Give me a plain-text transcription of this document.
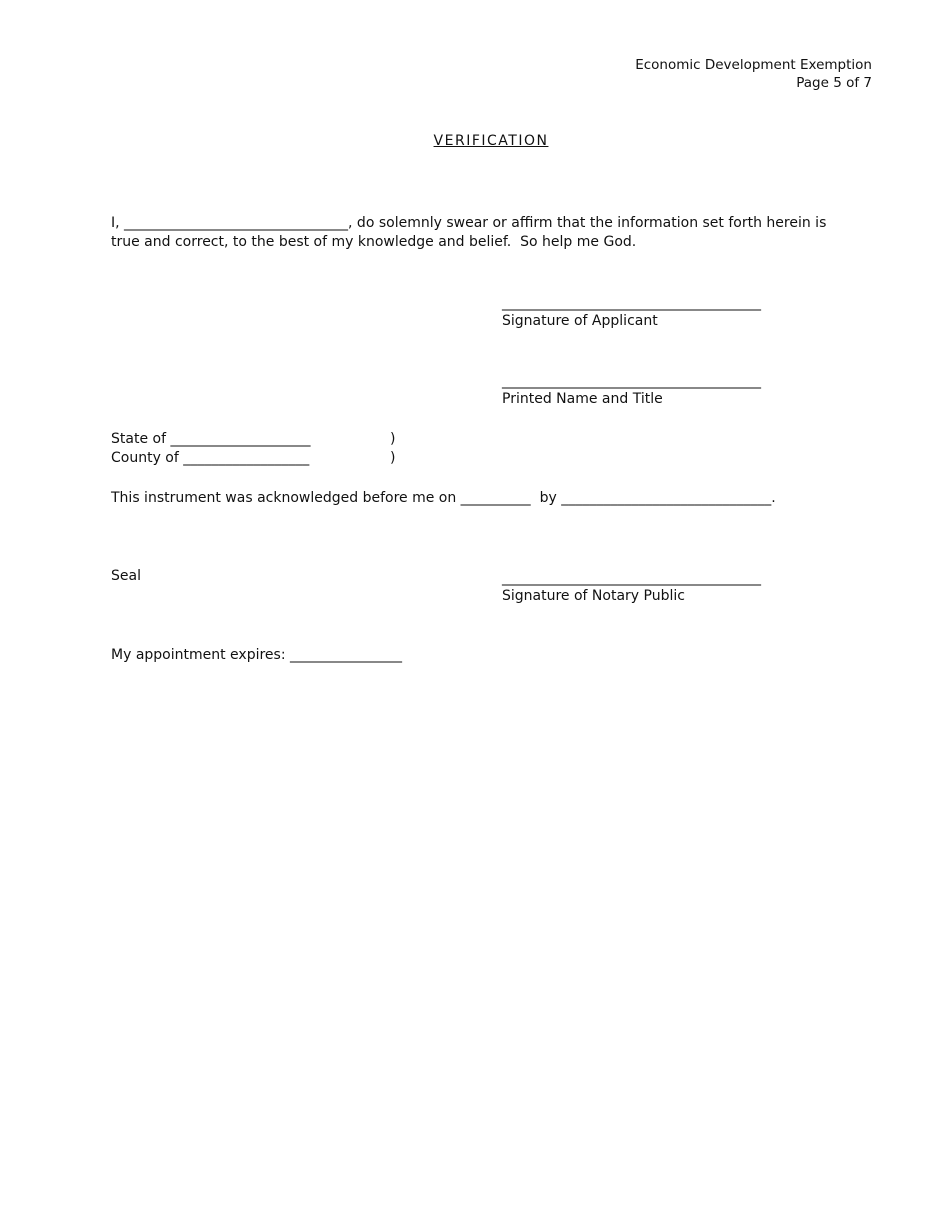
Economic Development Exemption
Page 5 of 7
VERIFICATION
I, ________________________________, do solemnly swear or affirm that the information set forth herein is
true and correct, to the best of my knowledge and belief.  So help me God.
_____________________________________
Signature of Applicant
_____________________________________
Printed Name and Title
State of ____________________	)
County of __________________	)
This instrument was acknowledged before me on __________  by ______________________________.
Seal	_____________________________________
Signature of Notary Public
My appointment expires: ________________
